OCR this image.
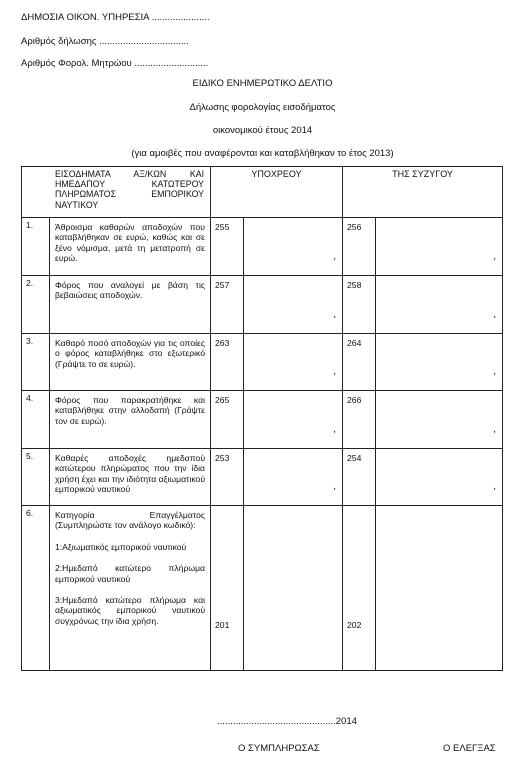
ΔΗΜΟΣΙΑ ΟΙΚΟΝ. ΥΠΗΡΕΣΙΑ ......................
Αριθμός δήλωσης ..................................
Αριθμός Φορολ. Μητρώου ............................
ΕΙΔΙΚΟ ΕΝΗΜΕΡΩΤΙΚΟ ΔΕΛΤΙΟ
Δήλωσης φορολογίας εισοδήματος
οικονομικού έτους 2014
(για αμοιβές που αναφέρονται και καταβλήθηκαν το έτος 2013)
ΕΙΣΟΔΗΜΑΤΑ ΑΞ/ΚΩΝ ΚΑΙ ΗΜΕΔΑΠΟΥ ΚΑΤΩΤΕΡΟΥ ΠΛΗΡΩΜΑΤΟΣ ΕΜΠΟΡΙΚΟΥ ΝΑΥΤΙΚΟΥ		ΥΠΟΧΡΕΟΥ		ΤΗΣ ΣΥΖΥΓΟΥ	
1.	Άθροισμα καθαρών αποδοχών που καταβλήθηκαν σε ευρώ, καθώς και σε ξένο νόμισμα, μετά τη μετατροπή σε ευρώ.	255	,	256	,

2.	Φόρος που αναλογεί με βάση τις βεβαιώσεις αποδοχών.	257	,	258	,

3.	Καθαρό ποσό αποδοχών για τις οποίες ο φόρος καταβλήθηκε στο εξωτερικό (Γράψτε το σε ευρώ).	263	,	264	,

4.	Φόρος που παρακρατήθηκε και καταβλήθηκε στην αλλοδαπή (Γράψτε τον σε ευρώ).	265	,	266	,

5.	Καθαρές αποδοχές ημεδαπού κατώτερου πληρώματος που την ίδια χρήση έχει και την ιδιότητα αξιωματικού εμπορικού ναυτικού	253	,	254	,

6.	Κατηγορία Επαγγέλματος (Συμπληρώστε τον ανάλογο κωδικό):
1:Αξιωματικός εμπορικού ναυτικού
2:Ημεδαπό κατώτερο πλήρωμα εμπορικού ναυτικού
3:Ημεδαπό κατώτερο πλήρωμα και αξιωματικός εμπορικού ναυτικού συγχρόνως την ίδια χρήση.	201		202	
.............................................2014
Ο ΣΥΜΠΛΗΡΩΣΑΣ	Ο ΕΛΕΓΞΑΣ
